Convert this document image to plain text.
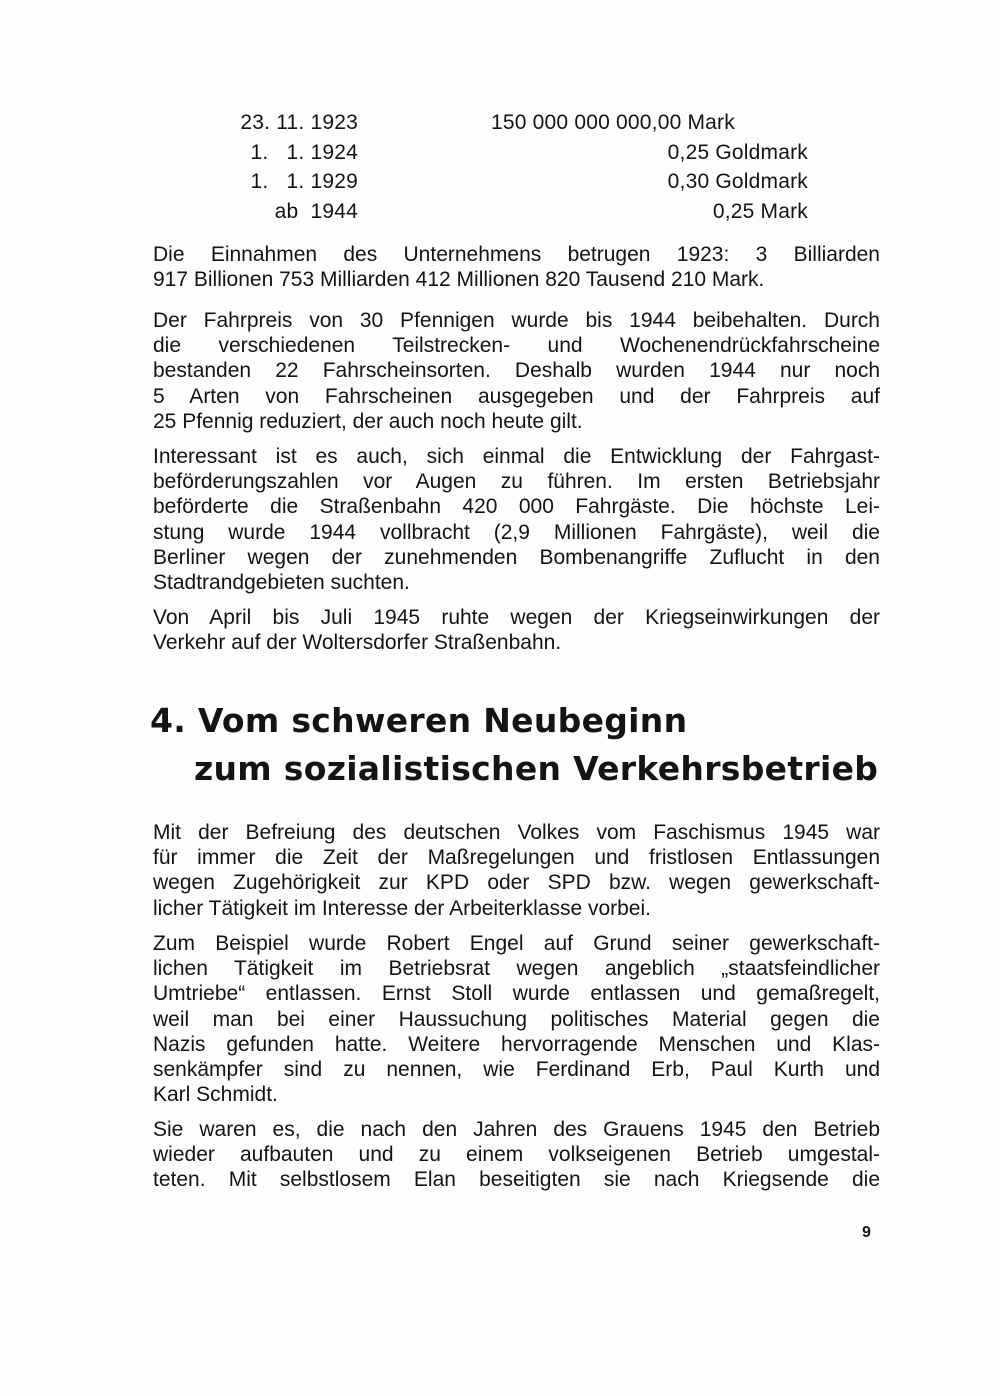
23. 11. 1923	150 000 000 000,00 Mark
1.   1. 1924	0,25 Goldmark
1.   1. 1929	0,30 Goldmark
ab  1944	0,25 Mark

Die Einnahmen des Unternehmens betrugen 1923: 3 Billiarden
917 Billionen 753 Milliarden 412 Millionen 820 Tausend 210 Mark.

Der Fahrpreis von 30 Pfennigen wurde bis 1944 beibehalten. Durch
die verschiedenen Teilstrecken- und Wochenendrückfahrscheine
bestanden 22 Fahrscheinsorten. Deshalb wurden 1944 nur noch
5 Arten von Fahrscheinen ausgegeben und der Fahrpreis auf
25 Pfennig reduziert, der auch noch heute gilt.

Interessant ist es auch, sich einmal die Entwicklung der Fahrgast-
beförderungszahlen vor Augen zu führen. Im ersten Betriebsjahr
beförderte die Straßenbahn 420 000 Fahrgäste. Die höchste Lei-
stung wurde 1944 vollbracht (2,9 Millionen Fahrgäste), weil die
Berliner wegen der zunehmenden Bombenangriffe Zuflucht in den
Stadtrandgebieten suchten.

Von April bis Juli 1945 ruhte wegen der Kriegseinwirkungen der
Verkehr auf der Woltersdorfer Straßenbahn.

4. Vom schweren Neubeginn
zum sozialistischen Verkehrsbetrieb

Mit der Befreiung des deutschen Volkes vom Faschismus 1945 war
für immer die Zeit der Maßregelungen und fristlosen Entlassungen
wegen Zugehörigkeit zur KPD oder SPD bzw. wegen gewerkschaft-
licher Tätigkeit im Interesse der Arbeiterklasse vorbei.

Zum Beispiel wurde Robert Engel auf Grund seiner gewerkschaft-
lichen Tätigkeit im Betriebsrat wegen angeblich „staatsfeindlicher
Umtriebe“ entlassen. Ernst Stoll wurde entlassen und gemaßregelt,
weil man bei einer Haussuchung politisches Material gegen die
Nazis gefunden hatte. Weitere hervorragende Menschen und Klas-
senkämpfer sind zu nennen, wie Ferdinand Erb, Paul Kurth und
Karl Schmidt.

Sie waren es, die nach den Jahren des Grauens 1945 den Betrieb
wieder aufbauten und zu einem volkseigenen Betrieb umgestal-
teten. Mit selbstlosem Elan beseitigten sie nach Kriegsende die

9
